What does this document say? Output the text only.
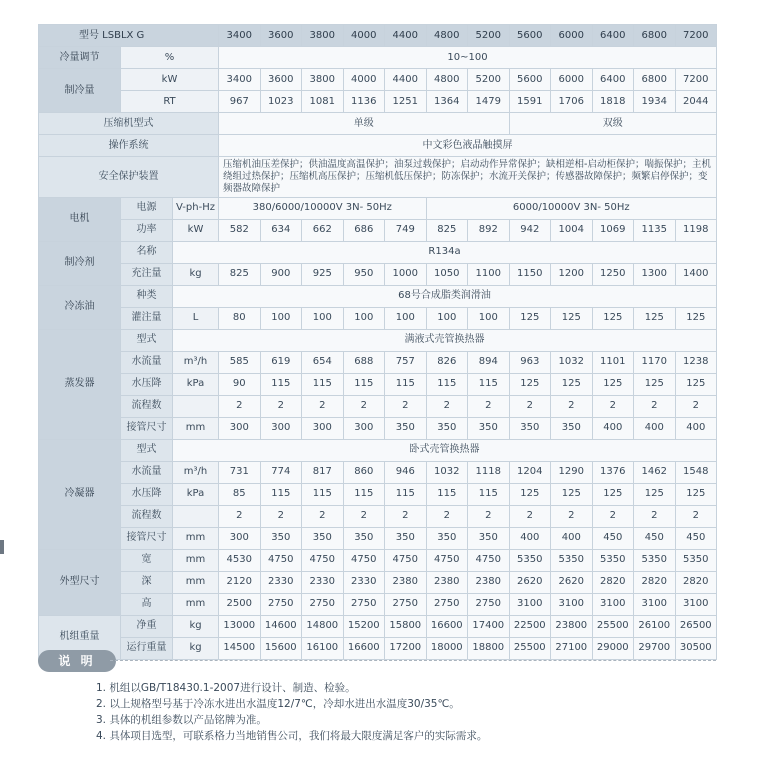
型号 LSBLX G			3400	3600	3800	4000	4400	4800	5200	5600	6000	6400	6800	7200
冷量调节	%		10~100											
制冷量	kW		3400	3600	3800	4000	4400	4800	5200	5600	6000	6400	6800	7200
	RT		967	1023	1081	1136	1251	1364	1479	1591	1706	1818	1934	2044
压缩机型式			单级							双级				
操作系统			中文彩色液晶触摸屏											
安全保护装置			压缩机油压差保护；供油温度高温保护；油泵过载保护；启动动作异常保护；缺相逆相-启动柜保护；喘振保护；主机绕组过热保护；压缩机高压保护；压缩机低压保护；防冻保护；水流开关保护；传感器故障保护；频繁启停保护；变频器故障保护											
电机	电源	V-ph-Hz	380/6000/10000V 3N- 50Hz					6000/10000V 3N- 50Hz						
	功率	kW	582	634	662	686	749	825	892	942	1004	1069	1135	1198
制冷剂	名称	R134a												
	充注量	kg	825	900	925	950	1000	1050	1100	1150	1200	1250	1300	1400
冷冻油	种类	68号合成脂类润滑油												
	灌注量	L	80	100	100	100	100	100	100	125	125	125	125	125
蒸发器	型式	满液式壳管换热器												
	水流量	m³/h	585	619	654	688	757	826	894	963	1032	1101	1170	1238
	水压降	kPa	90	115	115	115	115	115	115	125	125	125	125	125
	流程数		2	2	2	2	2	2	2	2	2	2	2	2
	接管尺寸	mm	300	300	300	300	350	350	350	350	350	400	400	400
冷凝器	型式	卧式壳管换热器												
	水流量	m³/h	731	774	817	860	946	1032	1118	1204	1290	1376	1462	1548
	水压降	kPa	85	115	115	115	115	115	115	125	125	125	125	125
	流程数		2	2	2	2	2	2	2	2	2	2	2	2
	接管尺寸	mm	300	350	350	350	350	350	350	400	400	450	450	450
外型尺寸	宽	mm	4530	4750	4750	4750	4750	4750	4750	5350	5350	5350	5350	5350
	深	mm	2120	2330	2330	2330	2380	2380	2380	2620	2620	2820	2820	2820
	高	mm	2500	2750	2750	2750	2750	2750	2750	3100	3100	3100	3100	3100
机组重量	净重	kg	13000	14600	14800	15200	15800	16600	17400	22500	23800	25500	26100	26500
	运行重量	kg	14500	15600	16100	16600	17200	18000	18800	25500	27100	29000	29700	30500
说 明
1. 机组以GB/T18430.1-2007进行设计、制造、检验。
2. 以上规格型号基于冷冻水进出水温度12/7℃，冷却水进出水温度30/35℃。
3. 具体的机组参数以产品铭牌为准。
4. 具体项目选型，可联系格力当地销售公司，我们将最大限度满足客户的实际需求。
